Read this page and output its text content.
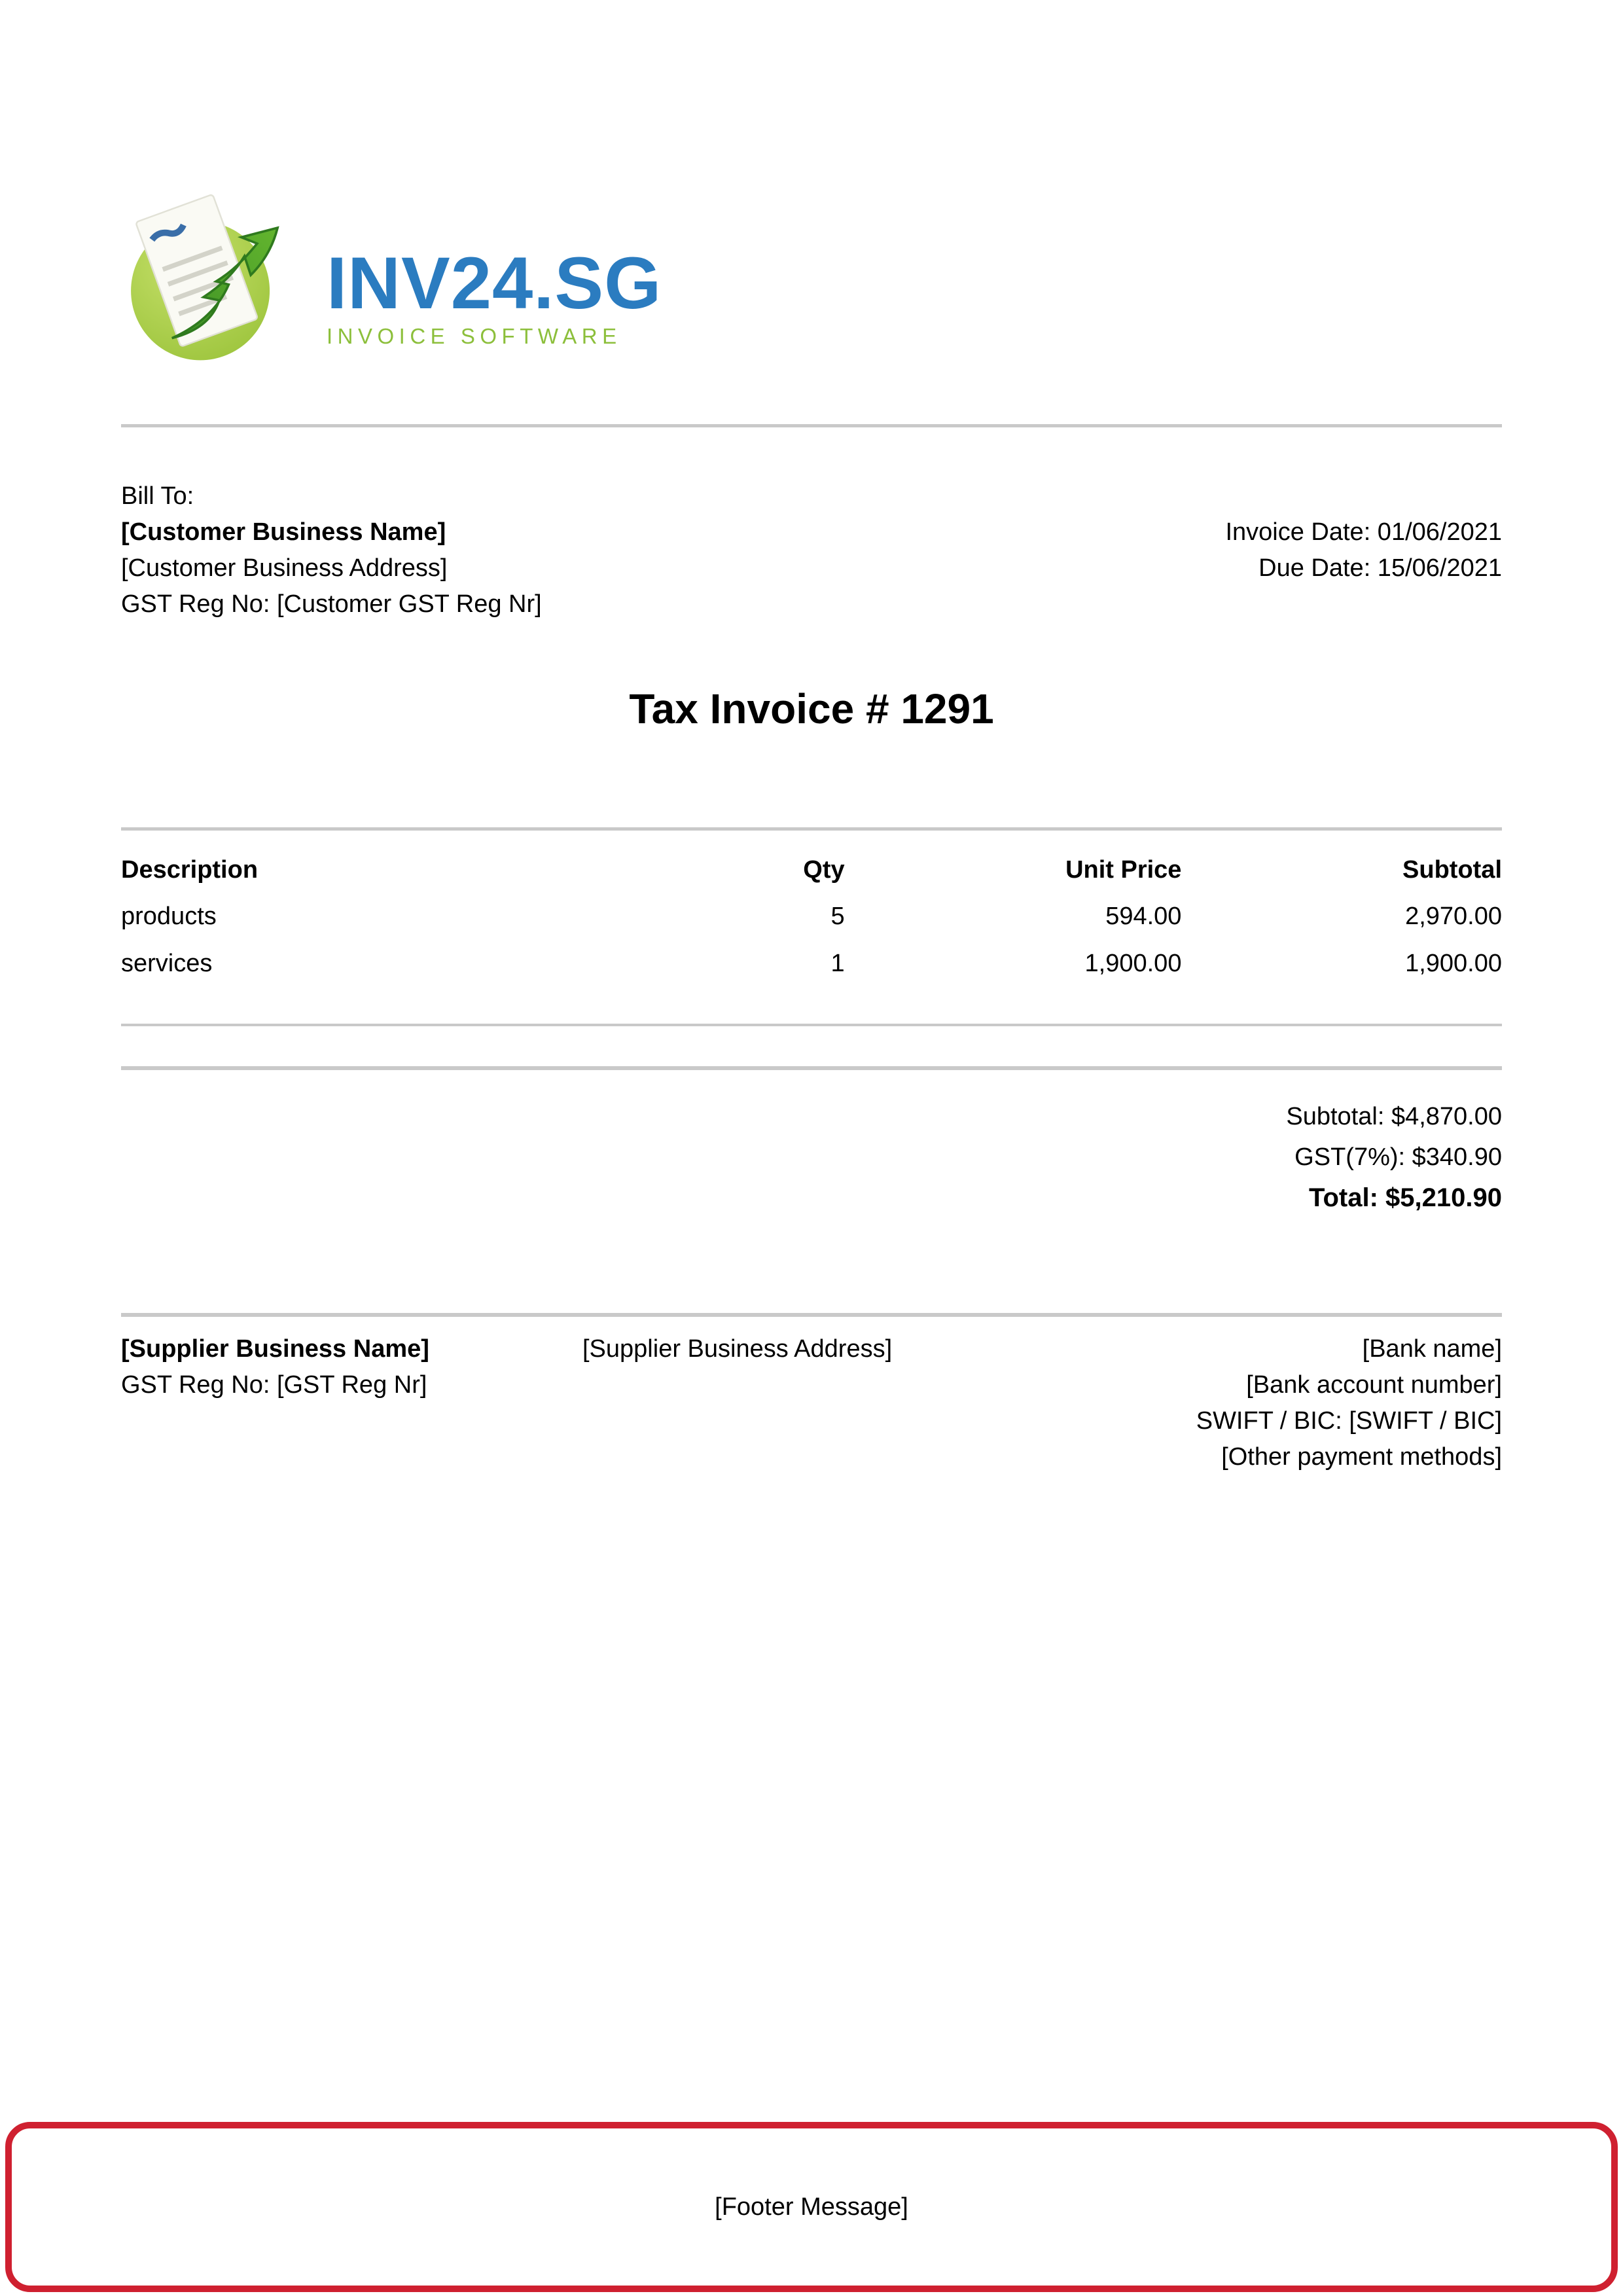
INV24.SG
INVOICE SOFTWARE
Bill To:
[Customer Business Name]
[Customer Business Address]
GST Reg No: [Customer GST Reg Nr]
Invoice Date: 01/06/2021
Due Date: 15/06/2021
Tax Invoice # 1291
Description	Qty	Unit Price	Subtotal
products	5	594.00	2,970.00
services	1	1,900.00	1,900.00
Subtotal: $4,870.00
GST(7%): $340.90
Total: $5,210.90
[Supplier Business Name]
GST Reg No: [GST Reg Nr]
[Supplier Business Address]	[Bank name]
[Bank account number]
SWIFT / BIC: [SWIFT / BIC]
[Other payment methods]
[Footer Message]
